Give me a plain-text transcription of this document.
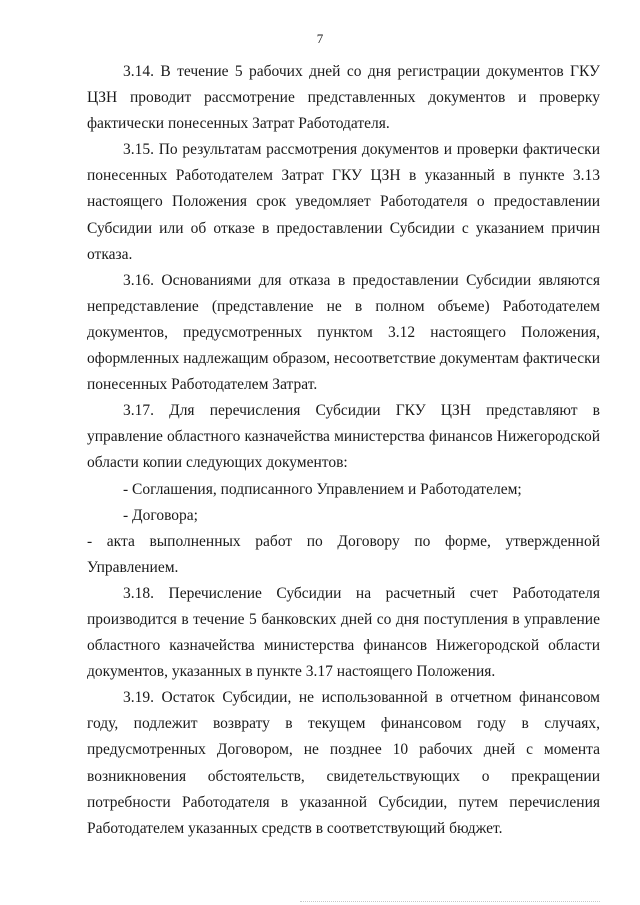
7

3.14. В течение 5 рабочих дней со дня регистрации документов ГКУ ЦЗН проводит рассмотрение представленных документов и проверку фактически понесенных Затрат Работодателя.

3.15. По результатам рассмотрения документов и проверки фактически понесенных Работодателем Затрат ГКУ ЦЗН в указанный в пункте 3.13 настоящего Положения срок уведомляет Работодателя о предоставлении Субсидии или об отказе в предоставлении Субсидии с указанием причин отказа.

3.16. Основаниями для отказа в предоставлении Субсидии являются непредставление (представление не в полном объеме) Работодателем документов, предусмотренных пунктом 3.12 настоящего Положения, оформленных надлежащим образом, несоответствие документам фактически понесенных Работодателем Затрат.

3.17. Для перечисления Субсидии ГКУ ЦЗН представляют в управление областного казначейства министерства финансов Нижегородской области копии следующих документов:

- Соглашения, подписанного Управлением и Работодателем;

- Договора;

- акта выполненных работ по Договору по форме, утвержденной Управлением.

3.18. Перечисление Субсидии на расчетный счет Работодателя производится в течение 5 банковских дней со дня поступления в управление областного казначейства министерства финансов Нижегородской области документов, указанных в пункте 3.17 настоящего Положения.

3.19. Остаток Субсидии, не использованной в отчетном финансовом году, подлежит возврату в текущем финансовом году в случаях, предусмотренных Договором, не позднее 10 рабочих дней с момента возникновения обстоятельств, свидетельствующих о прекращении потребности Работодателя в указанной Субсидии, путем перечисления Работодателем указанных средств в соответствующий бюджет.
